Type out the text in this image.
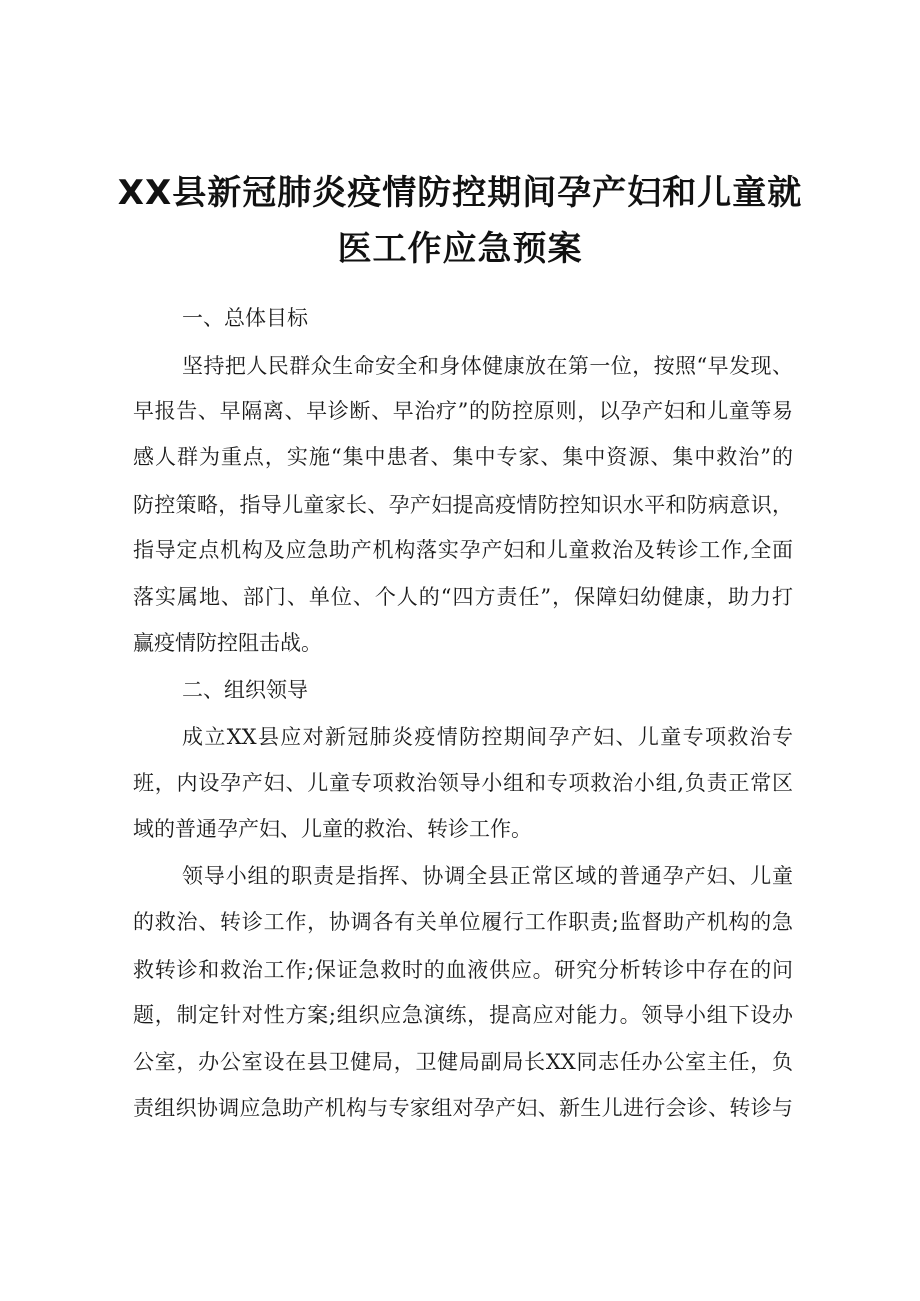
XX县新冠肺炎疫情防控期间孕产妇和儿童就
医工作应急预案

一、总体目标

坚持把人民群众生命安全和身体健康放在第一位，按照“早发现、

早报告、早隔离、早诊断、早治疗”的防控原则，以孕产妇和儿童等易

感人群为重点，实施“集中患者、集中专家、集中资源、集中救治”的

防控策略，指导儿童家长、孕产妇提高疫情防控知识水平和防病意识，

指导定点机构及应急助产机构落实孕产妇和儿童救治及转诊工作,全面

落实属地、部门、单位、个人的“四方责任”，保障妇幼健康，助力打

赢疫情防控阻击战。

二、组织领导

成立XX县应对新冠肺炎疫情防控期间孕产妇、儿童专项救治专

班，内设孕产妇、儿童专项救治领导小组和专项救治小组,负责正常区

域的普通孕产妇、儿童的救治、转诊工作。

领导小组的职责是指挥、协调全县正常区域的普通孕产妇、儿童

的救治、转诊工作，协调各有关单位履行工作职责;监督助产机构的急

救转诊和救治工作;保证急救时的血液供应。研究分析转诊中存在的问

题，制定针对性方案;组织应急演练，提高应对能力。领导小组下设办

公室，办公室设在县卫健局，卫健局副局长XX同志任办公室主任，负

责组织协调应急助产机构与专家组对孕产妇、新生儿进行会诊、转诊与
